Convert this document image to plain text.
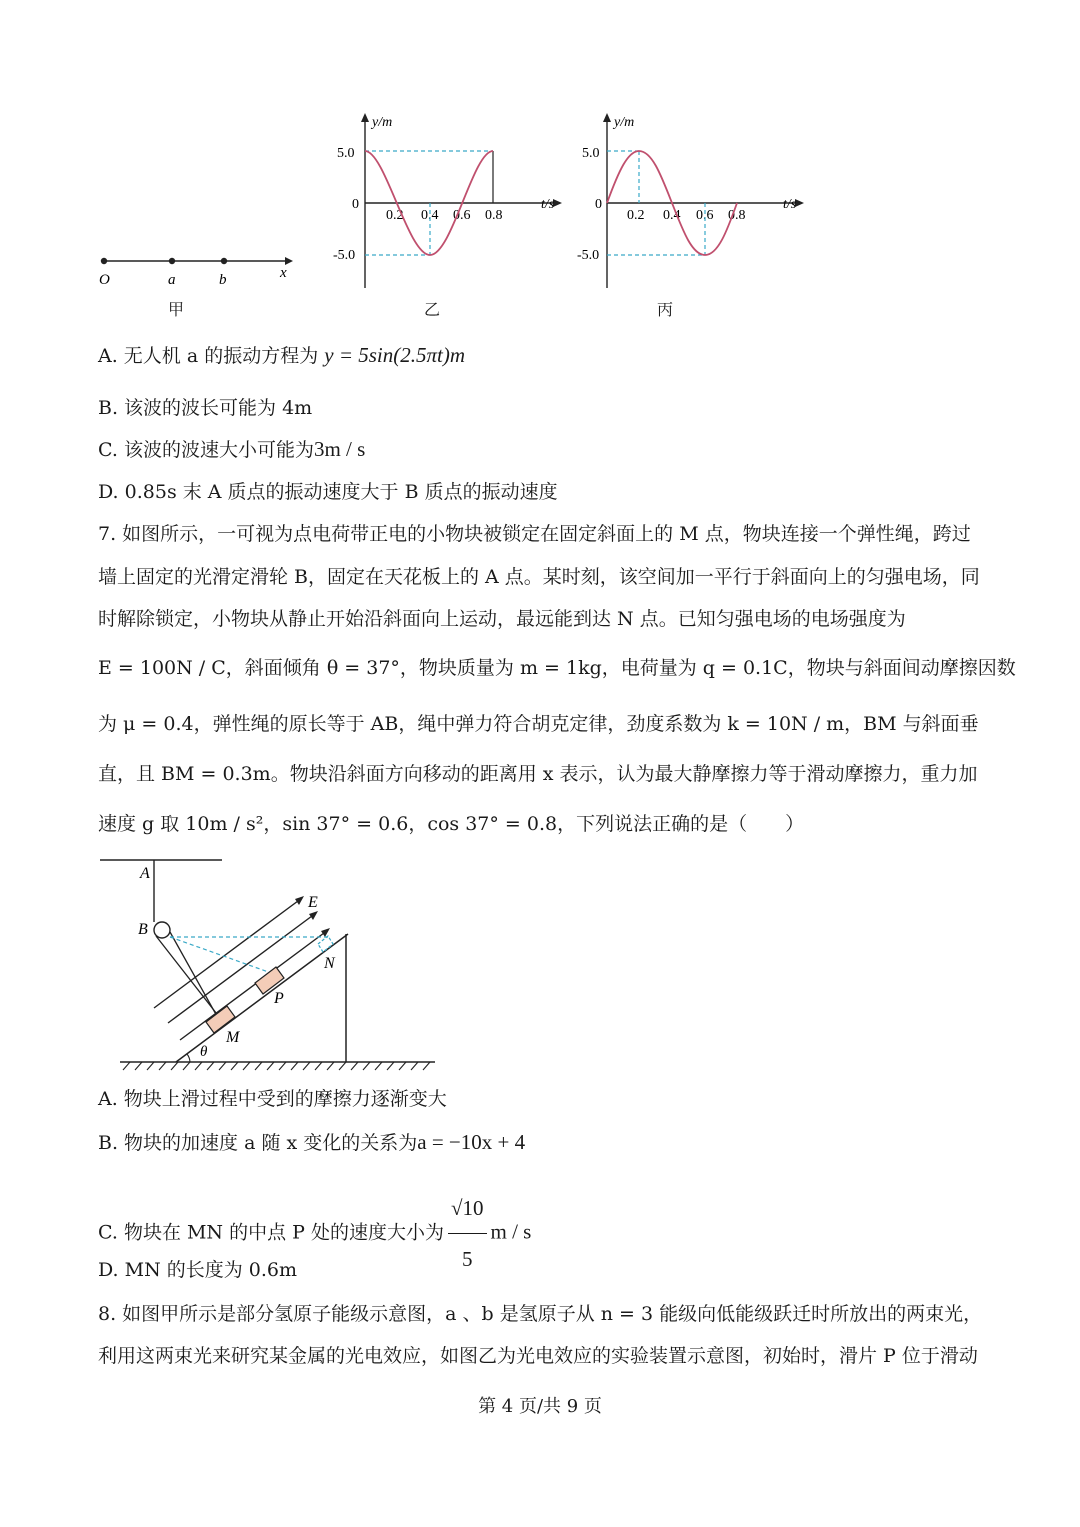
O	a	b	x
甲
y/m
t/s
5.0
0
-5.0
0.2 0.4 0.6 0.8
乙
y/m
t/s
5.0
0
-5.0
0.2 0.4 0.6 0.8
丙
A. 无人机 a 的振动方程为 y = 5sin(2.5πt)m
B. 该波的波长可能为 4m
C. 该波的波速大小可能为3m / s
D. 0.85s 末 A 质点的振动速度大于 B 质点的振动速度
7. 如图所示，一可视为点电荷带正电的小物块被锁定在固定斜面上的 M 点，物块连接一个弹性绳，跨过
墙上固定的光滑定滑轮 B，固定在天花板上的 A 点。某时刻，该空间加一平行于斜面向上的匀强电场，同
时解除锁定，小物块从静止开始沿斜面向上运动，最远能到达 N 点。已知匀强电场的电场强度为
E = 100N / C，斜面倾角 θ = 37°，物块质量为 m = 1kg，电荷量为 q = 0.1C，物块与斜面间动摩擦因数
为 μ = 0.4，弹性绳的原长等于 AB，绳中弹力符合胡克定律，劲度系数为 k = 10N / m，BM 与斜面垂
直，且 BM = 0.3m。物块沿斜面方向移动的距离用 x 表示，认为最大静摩擦力等于滑动摩擦力，重力加
速度 g 取 10m / s²，sin 37° = 0.6，cos 37° = 0.8，下列说法正确的是（　　）
A
B
E
N
P
M
θ
A. 物块上滑过程中受到的摩擦力逐渐变大
B. 物块的加速度 a 随 x 变化的关系为a = −10x + 4
C. 物块在 MN 的中点 P 处的速度大小为 $\frac{√10}{5}$ m / s
D. MN 的长度为 0.6m
8. 如图甲所示是部分氢原子能级示意图，a 、b 是氢原子从 n = 3 能级向低能级跃迁时所放出的两束光，
利用这两束光来研究某金属的光电效应，如图乙为光电效应的实验装置示意图，初始时，滑片 P 位于滑动
第 4 页/共 9 页
